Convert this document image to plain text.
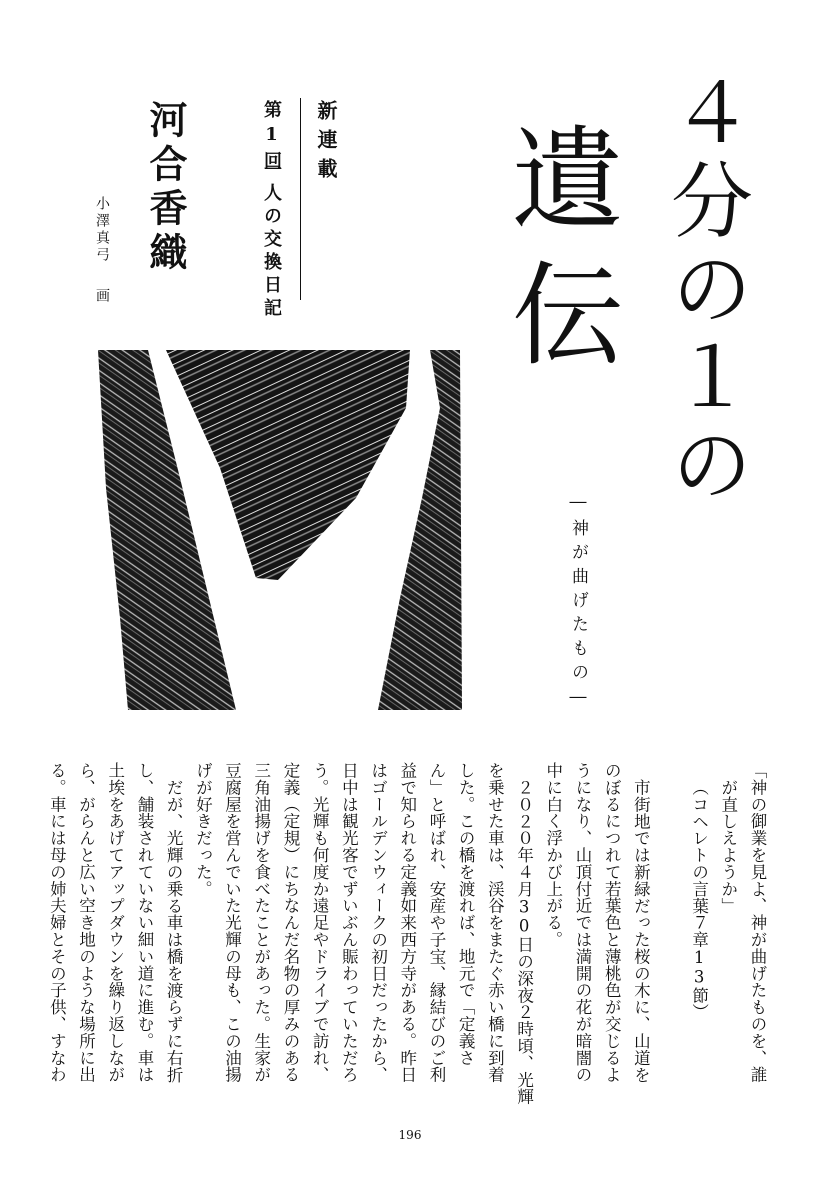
新連載
第1回
一人の交換日記
河合香織
小澤真弓
画	４分の１の
遺伝
―神が曲げたもの―

「神の御業を見よ、神が曲げたものを、誰

が直しえようか」

（コヘレトの言葉７章13節）

市街地では新緑だった桜の木に、山道を

のぼるにつれて若葉色と薄桃色が交じるよ

うになり、山頂付近では満開の花が暗闇の

中に白く浮かび上がる。

２０２０年４月30日の深夜２時頃、光輝

を乗せた車は、渓谷をまたぐ赤い橋に到着

した。この橋を渡れば、地元で「定義さ

ん」と呼ばれ、安産や子宝、縁結びのご利

益で知られる定義如来西方寺がある。昨日

はゴールデンウィークの初日だったから、

日中は観光客でずいぶん賑わっていただろ

う。光輝も何度か遠足やドライブで訪れ、

定義（定規）にちなんだ名物の厚みのある

三角油揚げを食べたことがあった。生家が

豆腐屋を営んでいた光輝の母も、この油揚

げが好きだった。

だが、光輝の乗る車は橋を渡らずに右折

し、舗装されていない細い道に進む。車は

土埃をあげてアップダウンを繰り返しなが

ら、がらんと広い空き地のような場所に出

る。車には母の姉夫婦とその子供、すなわ

196
